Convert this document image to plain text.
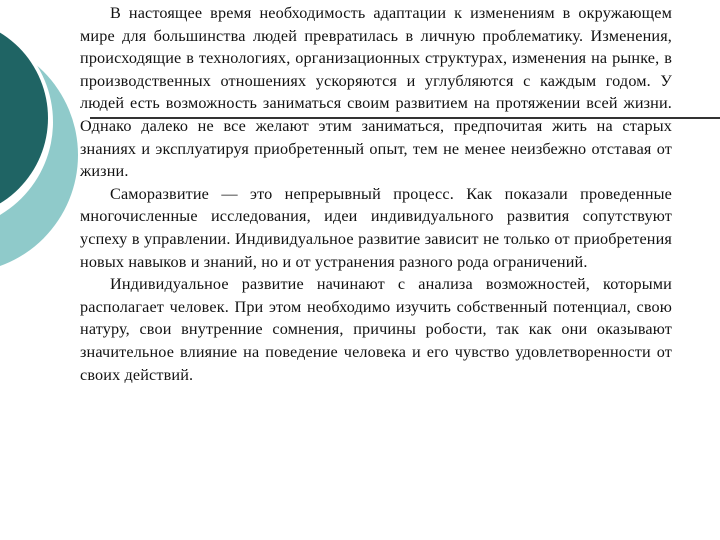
В настоящее время необходимость адаптации к изменениям в окружающем мире для большинства людей превратилась в личную проблематику. Изменения, происходящие в технологиях, организационных структурах, изменения на рынке, в производственных отношениях ускоряются и углубляются с каждым годом. У людей есть возможность заниматься своим развитием на протяжении всей жизни. Однако далеко не все желают этим заниматься, предпочитая жить на старых знаниях и эксплуатируя приобретенный опыт, тем не менее неизбежно отставая от жизни.

Саморазвитие — это непрерывный процесс. Как показали проведенные многочисленные исследования, идеи индивидуального развития сопутствуют успеху в управлении. Индивидуальное развитие зависит не только от приобретения новых навыков и знаний, но и от устранения разного рода ограничений.

Индивидуальное развитие начинают с анализа возможностей, которыми располагает человек. При этом необходимо изучить собственный потенциал, свою натуру, свои внутренние сомнения, причины робости, так как они оказывают значительное влияние на поведение человека и его чувство удовлетворенности от своих действий.
